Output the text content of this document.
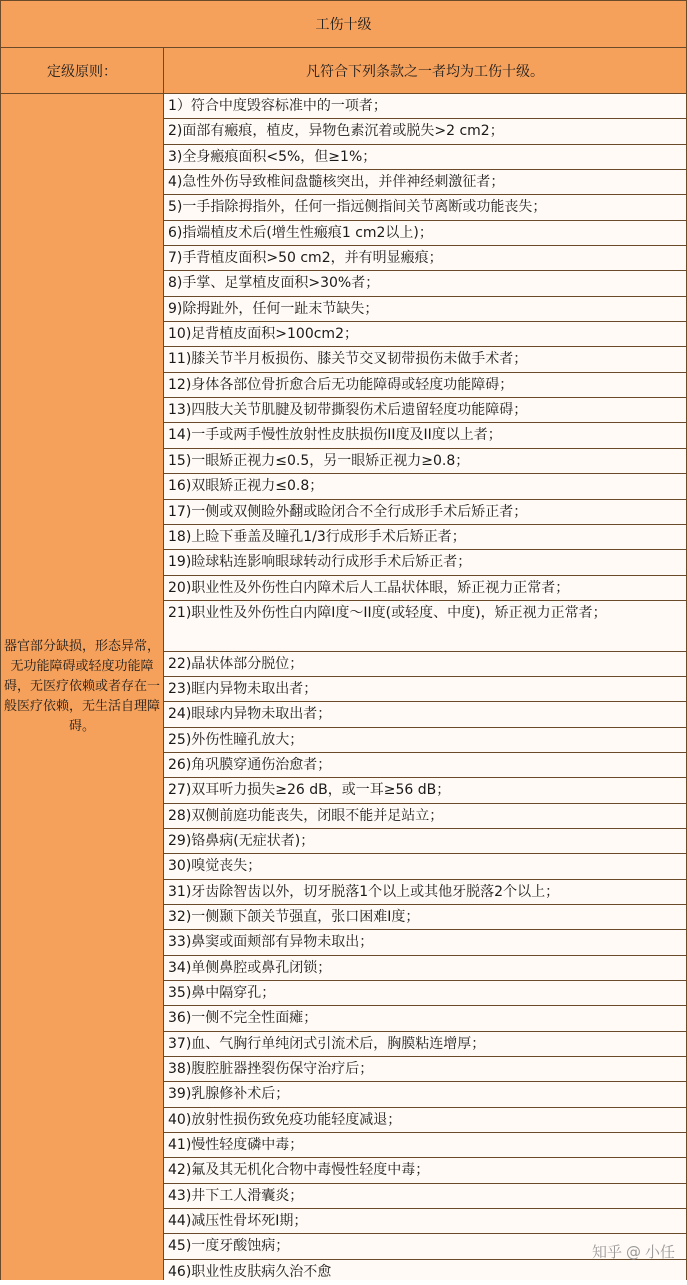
工伤十级
定级原则：	凡符合下列条款之一者均为工伤十级。
器官部分缺损，形态异常，无功能障碍或轻度功能障碍，无医疗依赖或者存在一般医疗依赖，无生活自理障碍。
1）符合中度毁容标准中的一项者；
2)面部有瘢痕，植皮，异物色素沉着或脱失>2 cm2；
3)全身瘢痕面积<5%，但≥1%；
4)急性外伤导致椎间盘髓核突出，并伴神经刺激征者；
5)一手指除拇指外，任何一指远侧指间关节离断或功能丧失；
6)指端植皮术后(增生性瘢痕1 cm2以上)；
7)手背植皮面积>50 cm2，并有明显瘢痕；
8)手掌、足掌植皮面积>30%者；
9)除拇趾外，任何一趾末节缺失；
10)足背植皮面积>100cm2；
11)膝关节半月板损伤、膝关节交叉韧带损伤未做手术者；
12)身体各部位骨折愈合后无功能障碍或轻度功能障碍；
13)四肢大关节肌腱及韧带撕裂伤术后遗留轻度功能障碍；
14)一手或两手慢性放射性皮肤损伤II度及II度以上者；
15)一眼矫正视力≤0.5，另一眼矫正视力≥0.8；
16)双眼矫正视力≤0.8；
17)一侧或双侧睑外翻或睑闭合不全行成形手术后矫正者；
18)上睑下垂盖及瞳孔1/3行成形手术后矫正者；
19)睑球粘连影响眼球转动行成形手术后矫正者；
20)职业性及外伤性白内障术后人工晶状体眼，矫正视力正常者；
21)职业性及外伤性白内障I度～II度(或轻度、中度)，矫正视力正常者；
22)晶状体部分脱位；
23)眶内异物未取出者；
24)眼球内异物未取出者；
25)外伤性瞳孔放大；
26)角巩膜穿通伤治愈者；
27)双耳听力损失≥26 dB，或一耳≥56 dB；
28)双侧前庭功能丧失，闭眼不能并足站立；
29)铬鼻病(无症状者)；
30)嗅觉丧失；
31)牙齿除智齿以外，切牙脱落1个以上或其他牙脱落2个以上；
32)一侧颞下颌关节强直，张口困难I度；
33)鼻窦或面颊部有异物未取出；
34)单侧鼻腔或鼻孔闭锁；
35)鼻中隔穿孔；
36)一侧不完全性面瘫；
37)血、气胸行单纯闭式引流术后，胸膜粘连增厚；
38)腹腔脏器挫裂伤保守治疗后；
39)乳腺修补术后；
40)放射性损伤致免疫功能轻度减退；
41)慢性轻度磷中毒；
42)氟及其无机化合物中毒慢性轻度中毒；
43)井下工人滑囊炎；
44)减压性骨坏死I期；
45)一度牙酸蚀病；
46)职业性皮肤病久治不愈
知乎 @ 小任
